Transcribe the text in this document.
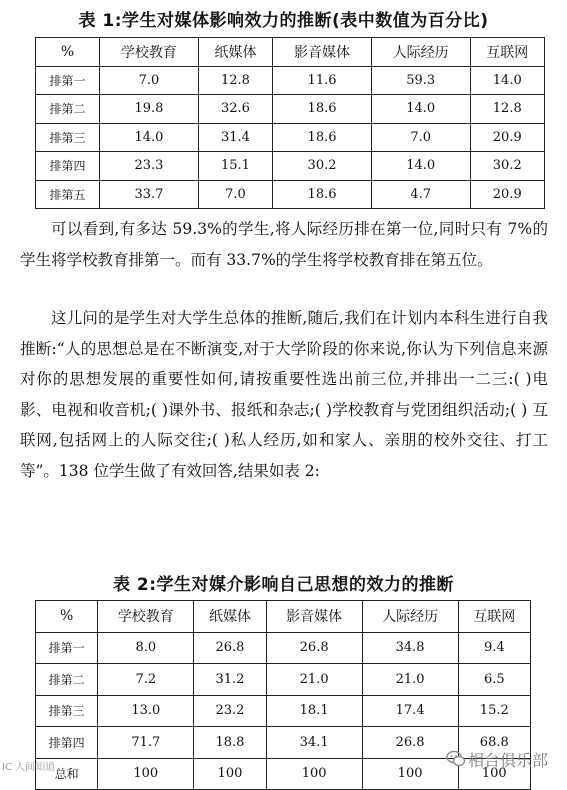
表 1:学生对媒体影响效力的推断(表中数值为百分比)
%	学校教育	纸媒体	影音媒体	人际经历	互联网
排第一	7.0	12.8	11.6	59.3	14.0
排第二	19.8	32.6	18.6	14.0	12.8
排第三	14.0	31.4	18.6	7.0	20.9
排第四	23.3	15.1	30.2	14.0	30.2
排第五	33.7	7.0	18.6	4.7	20.9
可以看到,有多达 59.3%的学生,将人际经历排在第一位,同时只有 7%的学生将学校教育排第一。而有 33.7%的学生将学校教育排在第五位。
这儿问的是学生对大学生总体的推断,随后,我们在计划内本科生进行自我推断:“人的思想总是在不断演变,对于大学阶段的你来说,你认为下列信息来源对你的思想发展的重要性如何,请按重要性选出前三位,并排出一二三:( )电影、电视和收音机;( )课外书、报纸和杂志;( )学校教育与党团组织活动;( ) 互联网,包括网上的人际交往;( )私人经历,如和家人、亲朋的校外交往、打工等”。138 位学生做了有效回答,结果如表 2:
表 2:学生对媒介影响自己思想的效力的推断
%	学校教育	纸媒体	影音媒体	人际经历	互联网
排第一	8.0	26.8	26.8	34.8	9.4
排第二	7.2	31.2	21.0	21.0	6.5
排第三	13.0	23.2	18.1	17.4	15.2
排第四	71.7	18.8	34.1	26.8	68.8
总和	100	100	100	100	100
IC 人间知道	相台俱乐部
